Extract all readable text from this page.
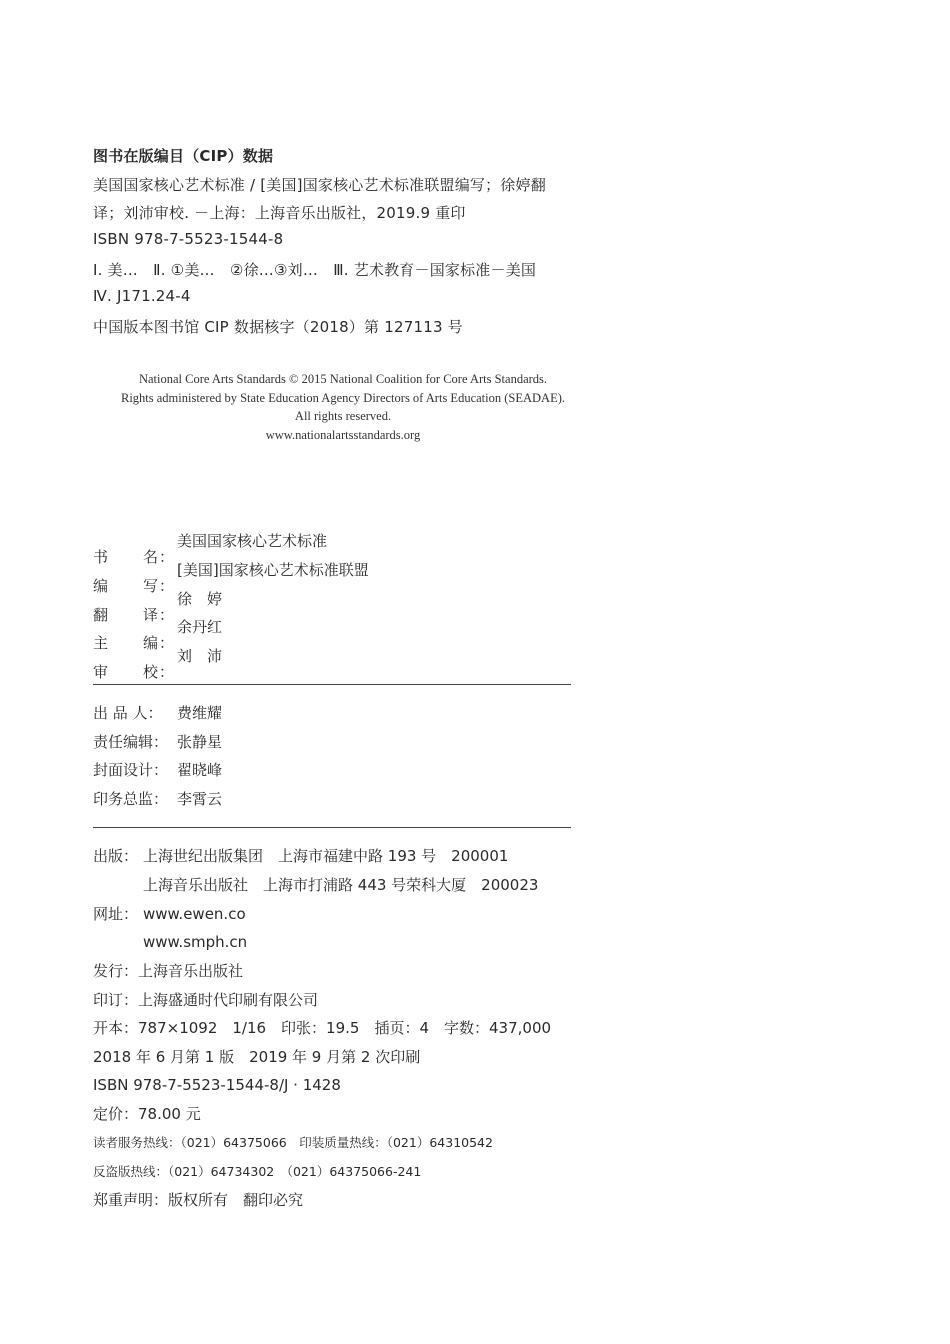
图书在版编目（CIP）数据
美国国家核心艺术标准 / [美国]国家核心艺术标准联盟编写；徐婷翻
译；刘沛审校. －上海：上海音乐出版社，2019.9 重印
ISBN 978-7-5523-1544-8
Ⅰ. 美…　Ⅱ. ①美…　②徐…③刘…　Ⅲ. 艺术教育－国家标准－美国
Ⅳ. J171.24-4
中国版本图书馆 CIP 数据核字（2018）第 127113 号
National Core Arts Standards © 2015 National Coalition for Core Arts Standards.
Rights administered by State Education Agency Directors of Arts Education (SEADAE).
All rights reserved.
www.nationalartsstandards.org
书 名 ：
美国国家核心艺术标准
编 写 ：
[美国]国家核心艺术标准联盟
翻 译 ：
徐　婷
主 编 ：
余丹红
审 校 ：
刘　沛
出 品 人： 费维耀
责任编辑： 张静星
封面设计： 翟晓峰
印务总监： 李霄云
出版： 上海世纪出版集团　上海市福建中路 193 号　200001
上海音乐出版社　上海市打浦路 443 号荣科大厦　200023
网址： www.ewen.co
www.smph.cn
发行：上海音乐出版社
印订：上海盛通时代印刷有限公司
开本：787×1092　1/16　印张：19.5　插页：4　字数：437,000
2018 年 6 月第 1 版　2019 年 9 月第 2 次印刷
ISBN 978-7-5523-1544-8/J · 1428
定价：78.00 元
读者服务热线：（021）64375066　印装质量热线：（021）64310542
反盗版热线：（021）64734302　（021）64375066-241
郑重声明：版权所有　翻印必究
